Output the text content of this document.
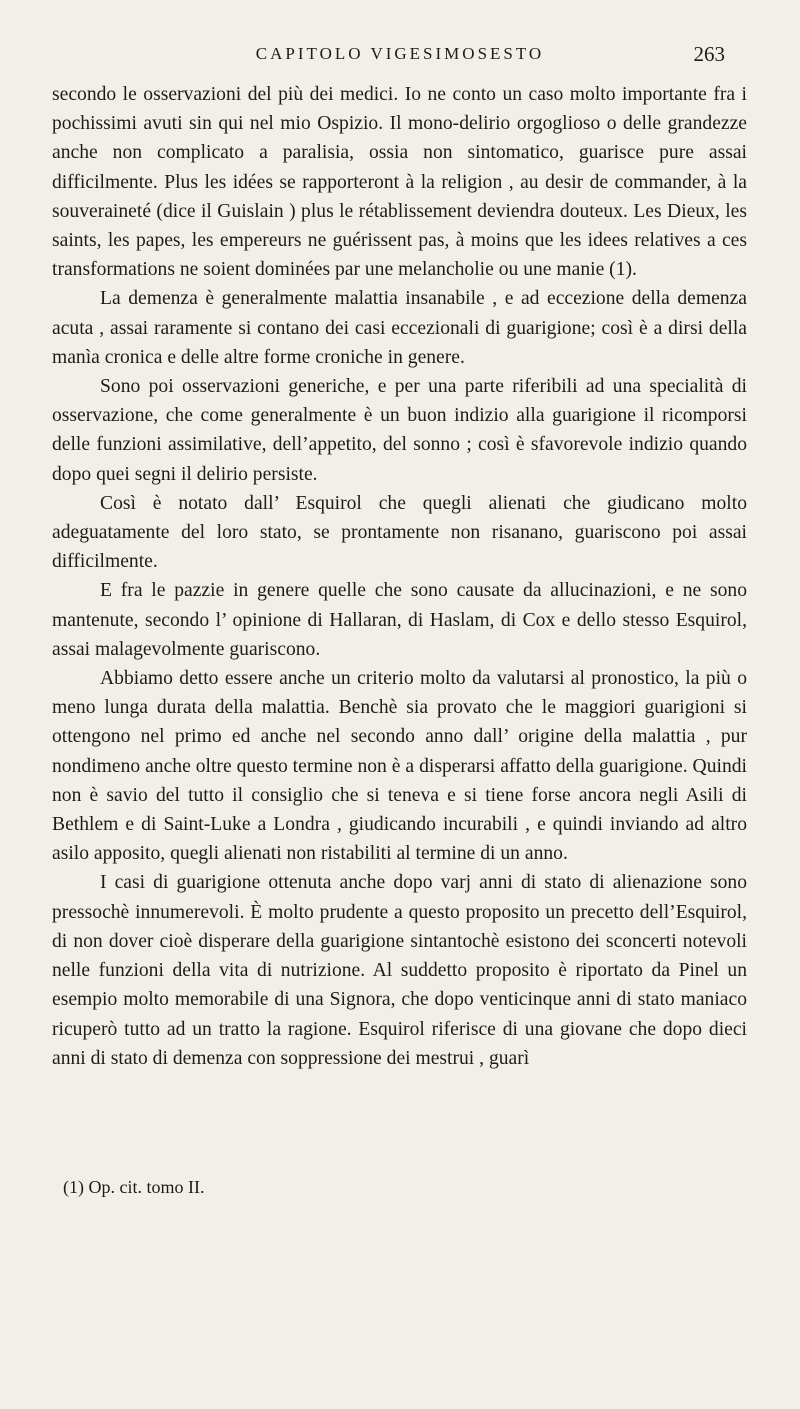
CAPITOLO VIGESIMOSESTO	263

secondo le osservazioni del più dei medici. Io ne conto un caso molto importante fra i pochissimi avuti sin qui nel mio Ospizio. Il mono-delirio orgoglioso o delle grandezze anche non complicato a paralisia, ossia non sintomatico, guarisce pure assai difficilmente. Plus les idées se rapporteront à la religion , au desir de commander, à la souveraineté (dice il Guislain ) plus le rétablissement deviendra douteux. Les Dieux, les saints, les papes, les empereurs ne guérissent pas, à moins que les idees relatives a ces transformations ne soient dominées par une melancholie ou une manie (1).

La demenza è generalmente malattia insanabile , e ad eccezione della demenza acuta , assai raramente si contano dei casi eccezionali di guarigione; così è a dirsi della manìa cronica e delle altre forme croniche in genere.

Sono poi osservazioni generiche, e per una parte riferibili ad una specialità di osservazione, che come generalmente è un buon indizio alla guarigione il ricomporsi delle funzioni assimilative, dell’appetito, del sonno ; così è sfavorevole indizio quando dopo quei segni il delirio persiste.

Così è notato dall’ Esquirol che quegli alienati che giudicano molto adeguatamente del loro stato, se prontamente non risanano, guariscono poi assai difficilmente.

E fra le pazzie in genere quelle che sono causate da allucinazioni, e ne sono mantenute, secondo l’ opinione di Hallaran, di Haslam, di Cox e dello stesso Esquirol, assai malagevolmente guariscono.

Abbiamo detto essere anche un criterio molto da valutarsi al pronostico, la più o meno lunga durata della malattia. Benchè sia provato che le maggiori guarigioni si ottengono nel primo ed anche nel secondo anno dall’ origine della malattia , pur nondimeno anche oltre questo termine non è a disperarsi affatto della guarigione. Quindi non è savio del tutto il consiglio che si teneva e si tiene forse ancora negli Asili di Bethlem e di Saint-Luke a Londra , giudicando incurabili , e quindi inviando ad altro asilo apposito, quegli alienati non ristabiliti al termine di un anno.

I casi di guarigione ottenuta anche dopo varj anni di stato di alienazione sono pressochè innumerevoli. È molto prudente a questo proposito un precetto dell’Esquirol, di non dover cioè disperare della guarigione sintantochè esistono dei sconcerti notevoli nelle funzioni della vita di nutrizione. Al suddetto proposito è riportato da Pinel un esempio molto memorabile di una Signora, che dopo venticinque anni di stato maniaco ricuperò tutto ad un tratto la ragione. Esquirol riferisce di una giovane che dopo dieci anni di stato di demenza con soppressione dei mestrui , guarì

(1) Op. cit. tomo II.
